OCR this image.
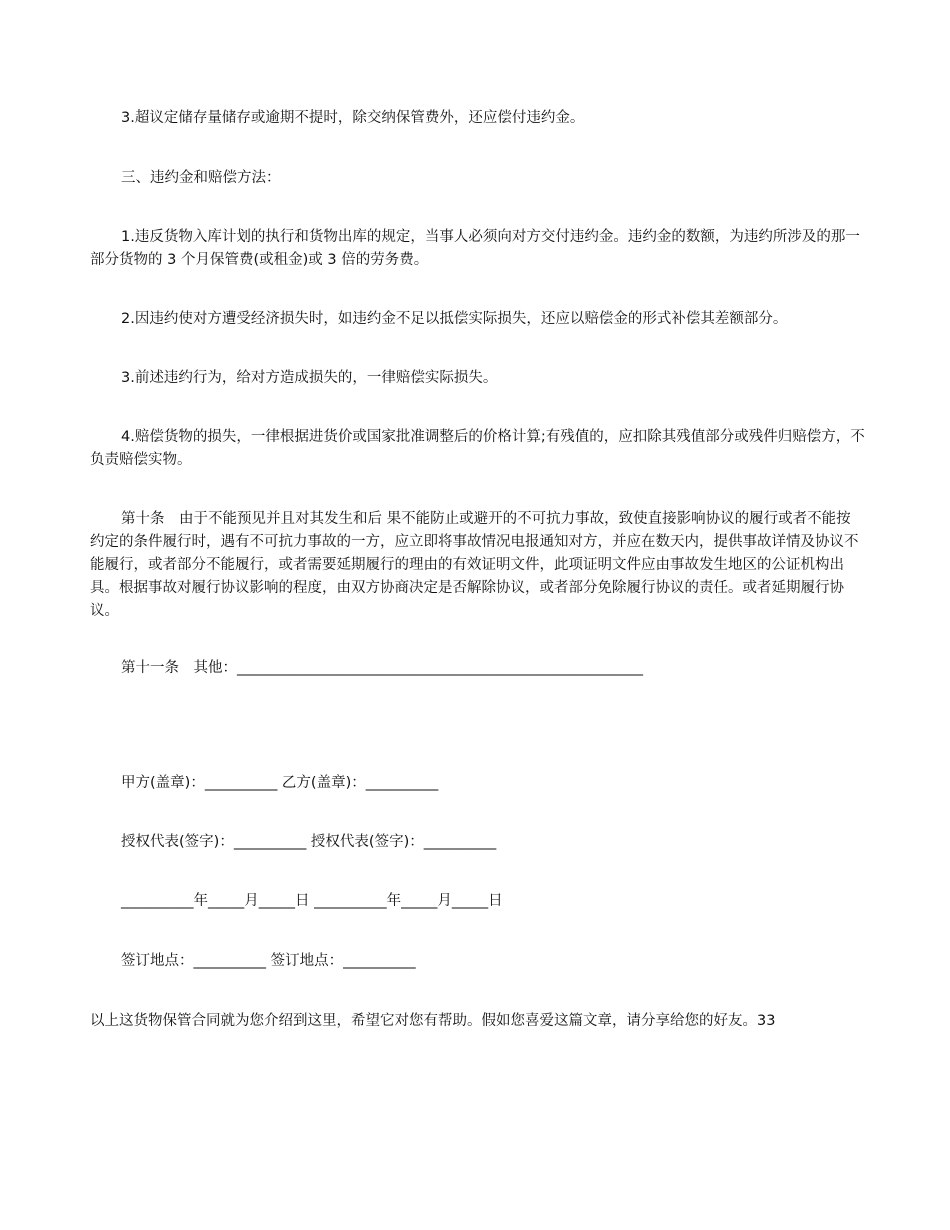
3.超议定储存量储存或逾期不提时，除交纳保管费外，还应偿付违约金。

三、违约金和赔偿方法：

1.违反货物入库计划的执行和货物出库的规定，当事人必须向对方交付违约金。违约金的数额，为违约所涉及的那一部分货物的 3 个月保管费(或租金)或 3 倍的劳务费。

2.因违约使对方遭受经济损失时，如违约金不足以抵偿实际损失，还应以赔偿金的形式补偿其差额部分。

3.前述违约行为，给对方造成损失的，一律赔偿实际损失。

4.赔偿货物的损失，一律根据进货价或国家批准调整后的价格计算;有残值的，应扣除其残值部分或残件归赔偿方，不负责赔偿实物。

第十条　由于不能预见并且对其发生和后 果不能防止或避开的不可抗力事故，致使直接影响协议的履行或者不能按约定的条件履行时，遇有不可抗力事故的一方，应立即将事故情况电报通知对方，并应在数天内，提供事故详情及协议不能履行，或者部分不能履行，或者需要延期履行的理由的有效证明文件，此项证明文件应由事故发生地区的公证机构出具。根据事故对履行协议影响的程度，由双方协商决定是否解除协议，或者部分免除履行协议的责任。或者延期履行协议。

第十一条　其他：________________________________________________________
甲方(盖章)：__________ 乙方(盖章)：__________
授权代表(签字)：__________ 授权代表(签字)：__________
__________年_____月_____日 __________年_____月_____日
签订地点：__________ 签订地点：__________

以上这货物保管合同就为您介绍到这里，希望它对您有帮助。假如您喜爱这篇文章，请分享给您的好友。33
